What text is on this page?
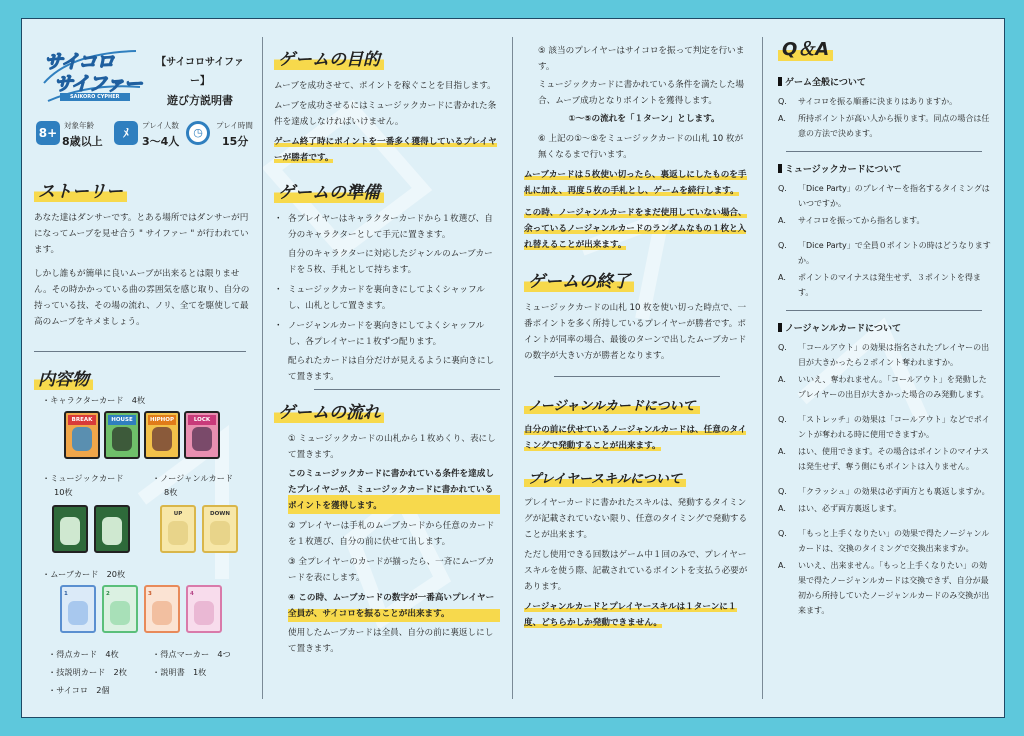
サイコロ
サイファー
SAIKORO CYPHER
【サイコロサイファー】
遊び方説明書
8+
対象年齢
8歳以上
ﾒ
プレイ人数
3～4人
◷
プレイ時間
15分
ストーリー

あなた達はダンサーです。とある場所ではダンサーが円になってムーブを見せ合う " サイファー " が行われています。

しかし誰もが簡単に良いムーブが出来るとは限りません。その時かかっている曲の雰囲気を感じ取り、自分の持っている技、その場の流れ、ノリ、全てを駆使して最高のムーブをキメましょう。

内容物
・キャラクターカード　4枚
BREAK	HOUSE	HIPHOP	LOCK
・ミュージックカード
10枚
・ノージャンルカード
8枚
UP	DOWN
・ムーブカード　20枚
1	2	3	4
・得点カード　4枚	・得点マーカー　4つ
・技説明カード　2枚	・説明書　1枚
・サイコロ　2個
ゲームの目的

ムーブを成功させて、ポイントを稼ぐことを目指します。

ムーブを成功させるにはミュージックカードに書かれた条件を達成しなければいけません。

ゲーム終了時にポイントを一番多く獲得しているプレイヤーが勝者です。

ゲームの準備
・ 各プレイヤーはキャラクターカードから１枚選び、自分のキャラクターとして手元に置きます。
自分のキャラクターに対応したジャンルのムーブカードを５枚、手札として持ちます。
・ ミュージックカードを裏向きにしてよくシャッフルし、山札として置きます。
・ ノージャンルカードを裏向きにしてよくシャッフルし、各プレイヤーに１枚ずつ配ります。
配られたカードは自分だけが見えるように裏向きにして置きます。
ゲームの流れ
① ミュージックカードの山札から１枚めくり、表にして置きます。
このミュージックカードに書かれている条件を達成したプレイヤーが、ミュージックカードに書かれているポイントを獲得します。
② プレイヤーは手札のムーブカードから任意のカードを１枚選び、自分の前に伏せて出します。
③ 全プレイヤーのカードが揃ったら、一斉にムーブカードを表にします。
④ この時、ムーブカードの数字が一番高いプレイヤー全員が、サイコロを振ることが出来ます。
使用したムーブカードは全員、自分の前に裏返しにして置きます。
⑤ 該当のプレイヤーはサイコロを振って判定を行います。
ミュージックカードに書かれている条件を満たした場合、ムーブ成功となりポイントを獲得します。
①～⑤の流れを「１ターン」とします。
⑥ 上記の①～⑤をミュージックカードの山札 10 枚が無くなるまで行います。

ムーブカードは５枚使い切ったら、裏返しにしたものを手札に加え、再度５枚の手札とし、ゲームを続行します。

この時、ノージャンルカードをまだ使用していない場合、余っているノージャンルカードのランダムなもの１枚と入れ替えることが出来ます。

ゲームの終了

ミュージックカードの山札 10 枚を使い切った時点で、一番ポイントを多く所持しているプレイヤーが勝者です。ポイントが同率の場合、最後のターンで出したムーブカードの数字が大きい方が勝者となります。

ノージャンルカードについて

自分の前に伏せているノージャンルカードは、任意のタイミングで発動することが出来ます。

プレイヤースキルについて

プレイヤーカードに書かれたスキルは、発動するタイミングが記載されていない限り、任意のタイミングで発動することが出来ます。

ただし使用できる回数はゲーム中１回のみで、プレイヤースキルを使う際、記載されているポイントを支払う必要があります。

ノージャンルカードとプレイヤースキルは１ターンに１度、どちらかしか発動できません。

Q＆A
ゲーム全般について
Q. サイコロを振る順番に決まりはありますか。
A. 所持ポイントが高い人から振ります。同点の場合は任意の方法で決めます。
ミュージックカードについて
Q. 「Dice Party」のプレイヤーを指名するタイミングはいつですか。
A. サイコロを振ってから指名します。
Q. 「Dice Party」で全員０ポイントの時はどうなりますか。
A. ポイントのマイナスは発生せず、３ポイントを得ます。
ノージャンルカードについて
Q. 「コールアウト」の効果は指名されたプレイヤーの出目が大きかったら２ポイント奪われますか。
A. いいえ、奪われません。「コールアウト」を発動したプレイヤーの出目が大きかった場合のみ発動します。
Q. 「ストレッチ」の効果は「コールアウト」などでポイントが奪われる時に使用できますか。
A. はい、使用できます。その場合はポイントのマイナスは発生せず、奪う側にもポイントは入りません。
Q. 「クラッシュ」の効果は必ず両方とも裏返しますか。
A. はい、必ず両方裏返します。
Q. 「もっと上手くなりたい」の効果で得たノージャンルカードは、交換のタイミングで交換出来ますか。
A. いいえ、出来ません。「もっと上手くなりたい」の効果で得たノージャンルカードは交換できず、自分が最初から所持していたノージャンルカードのみ交換が出来ます。
